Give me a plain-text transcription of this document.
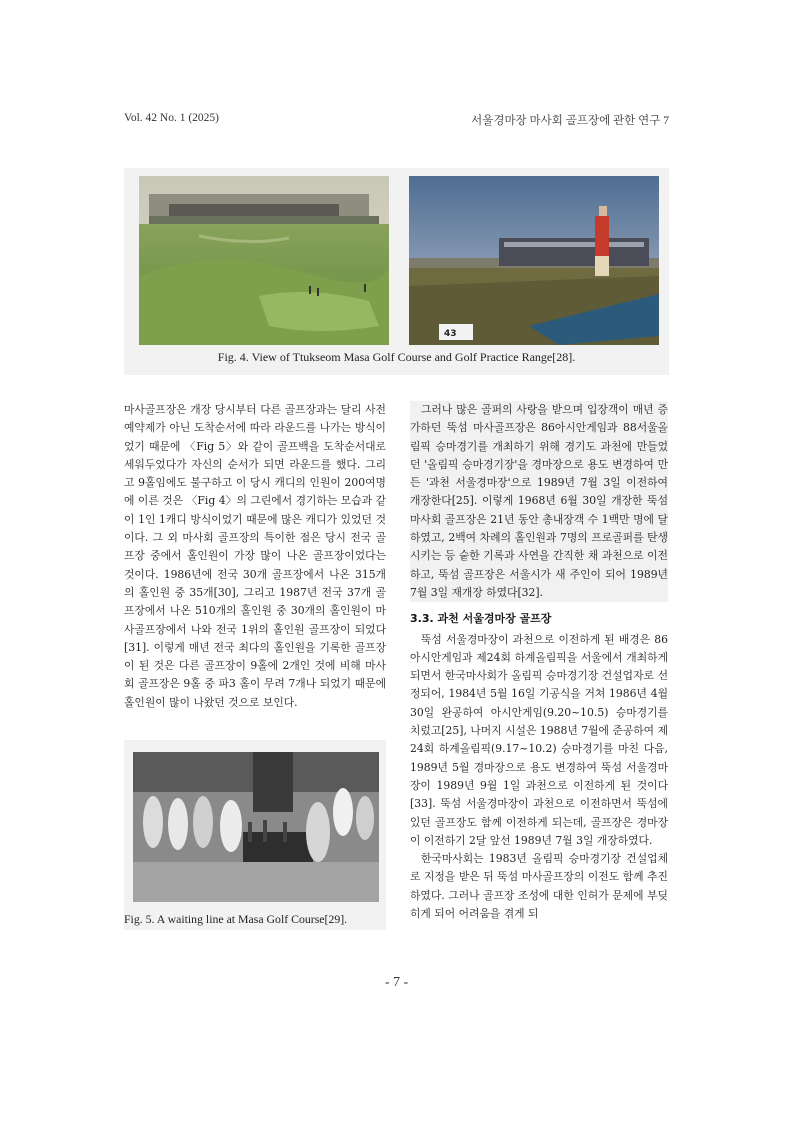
Vol. 42 No. 1 (2025)	서울경마장 마사회 골프장에 관한 연구 7
43
Fig. 4. View of Ttukseom Masa Golf Course and Golf Practice Range[28].

마사골프장은 개장 당시부터 다른 골프장과는 달리 사전 예약제가 아닌 도착순서에 따라 라운드를 나가는 방식이었기 때문에 〈Fig 5〉와 같이 골프백을 도착순서대로 세워두었다가 자신의 순서가 되면 라운드를 했다. 그리고 9홀임에도 불구하고 이 당시 캐디의 인원이 200여명에 이른 것은 〈Fig 4〉의 그린에서 경기하는 모습과 같이 1인 1캐디 방식이었기 때문에 많은 캐디가 있었던 것이다. 그 외 마사회 골프장의 특이한 점은 당시 전국 골프장 중에서 홀인원이 가장 많이 나온 골프장이었다는 것이다. 1986년에 전국 30개 골프장에서 나온 315개의 홀인원 중 35개[30], 그리고 1987년 전국 37개 골프장에서 나온 510개의 홀인원 중 30개의 홀인원이 마사골프장에서 나와 전국 1위의 홀인원 골프장이 되었다[31]. 이렇게 매년 전국 최다의 홀인원을 기록한 골프장이 된 것은 다른 골프장이 9홀에 2개인 것에 비해 마사회 골프장은 9홀 중 파3 홀이 무려 7개나 되었기 때문에 홀인원이 많이 나왔던 것으로 보인다.

Fig. 5. A waiting line at Masa Golf Course[29].

그러나 많은 골퍼의 사랑을 받으며 입장객이 매년 증가하던 뚝섬 마사골프장은 86아시안게임과 88서울올림픽 승마경기를 개최하기 위해 경기도 과천에 만들었던 '올림픽 승마경기장'을 경마장으로 용도 변경하여 만든 '과천 서울경마장'으로 1989년 7월 3일 이전하여 개장한다[25]. 이렇게 1968년 6월 30일 개장한 뚝섬 마사회 골프장은 21년 동안 총내장객 수 1백만 명에 달하였고, 2백여 차례의 홀인원과 7명의 프로골퍼를 탄생시키는 등 숱한 기록과 사연을 간직한 채 과천으로 이전하고, 뚝섬 골프장은 서울시가 새 주인이 되어 1989년 7월 3일 재개장 하였다[32].

3.3. 과천 서울경마장 골프장

뚝섬 서울경마장이 과천으로 이전하게 된 배경은 86아시안게임과 제24회 하계올림픽을 서울에서 개최하게 되면서 한국마사회가 올림픽 승마경기장 건설업자로 선정되어, 1984년 5월 16일 기공식을 거쳐 1986년 4월 30일 완공하여 아시안게임(9.20~10.5) 승마경기를 치렀고[25], 나머지 시설은 1988년 7월에 준공하여 제24회 하계올림픽(9.17~10.2) 승마경기를 마친 다음, 1989년 5월 경마장으로 용도 변경하여 뚝섬 서울경마장이 1989년 9월 1일 과천으로 이전하게 된 것이다[33]. 뚝섬 서울경마장이 과천으로 이전하면서 뚝섬에 있던 골프장도 함께 이전하게 되는데, 골프장은 경마장이 이전하기 2달 앞선 1989년 7월 3일 개장하였다.

한국마사회는 1983년 올림픽 승마경기장 건설업체로 지정을 받은 뒤 뚝섬 마사골프장의 이전도 함께 추진하였다. 그러나 골프장 조성에 대한 인허가 문제에 부딪히게 되어 어려움을 겪게 되

- 7 -
